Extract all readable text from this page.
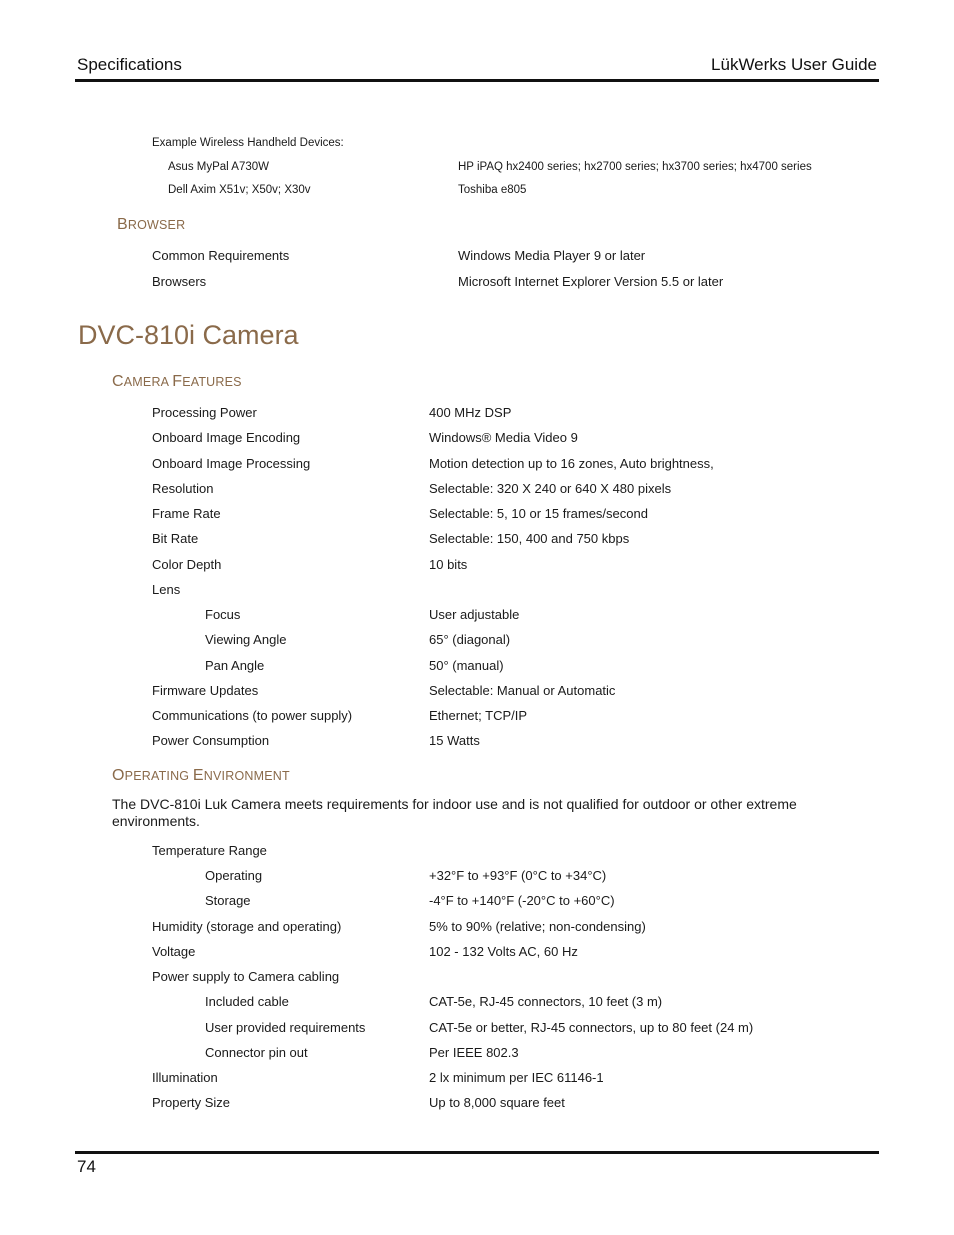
Specifications	LükWerks User Guide
Example Wireless Handheld Devices:
Asus MyPal A730W	HP iPAQ hx2400 series; hx2700 series; hx3700 series; hx4700 series
Dell Axim X51v; X50v; X30v	Toshiba e805
BROWSER
Common Requirements	Windows Media Player 9 or later
Browsers	Microsoft Internet Explorer Version 5.5 or later
DVC-810i Camera
CAMERA FEATURES
Processing Power	400 MHz DSP
Onboard Image Encoding	Windows® Media Video 9
Onboard Image Processing	Motion detection up to 16 zones, Auto brightness,
Resolution	Selectable: 320 X 240 or 640 X 480 pixels
Frame Rate	Selectable: 5, 10 or 15 frames/second
Bit Rate	Selectable: 150, 400 and 750 kbps
Color Depth	10 bits
Lens
Focus	User adjustable
Viewing Angle	65° (diagonal)
Pan Angle	50° (manual)
Firmware Updates	Selectable: Manual or Automatic
Communications (to power supply)	Ethernet; TCP/IP
Power Consumption	15 Watts
OPERATING ENVIRONMENT
The DVC-810i Luk Camera meets requirements for indoor use and is not qualified for outdoor or other extreme environments.
Temperature Range
Operating	+32°F to +93°F (0°C to +34°C)
Storage	-4°F to +140°F (-20°C to +60°C)
Humidity (storage and operating)	5% to 90% (relative; non-condensing)
Voltage	102 - 132 Volts AC, 60 Hz
Power supply to Camera cabling
Included cable	CAT-5e, RJ-45 connectors, 10 feet (3 m)
User provided requirements	CAT-5e or better, RJ-45 connectors, up to 80 feet (24 m)
Connector pin out	Per IEEE 802.3
Illumination	2 lx minimum per IEC 61146-1
Property Size	Up to 8,000 square feet
74
